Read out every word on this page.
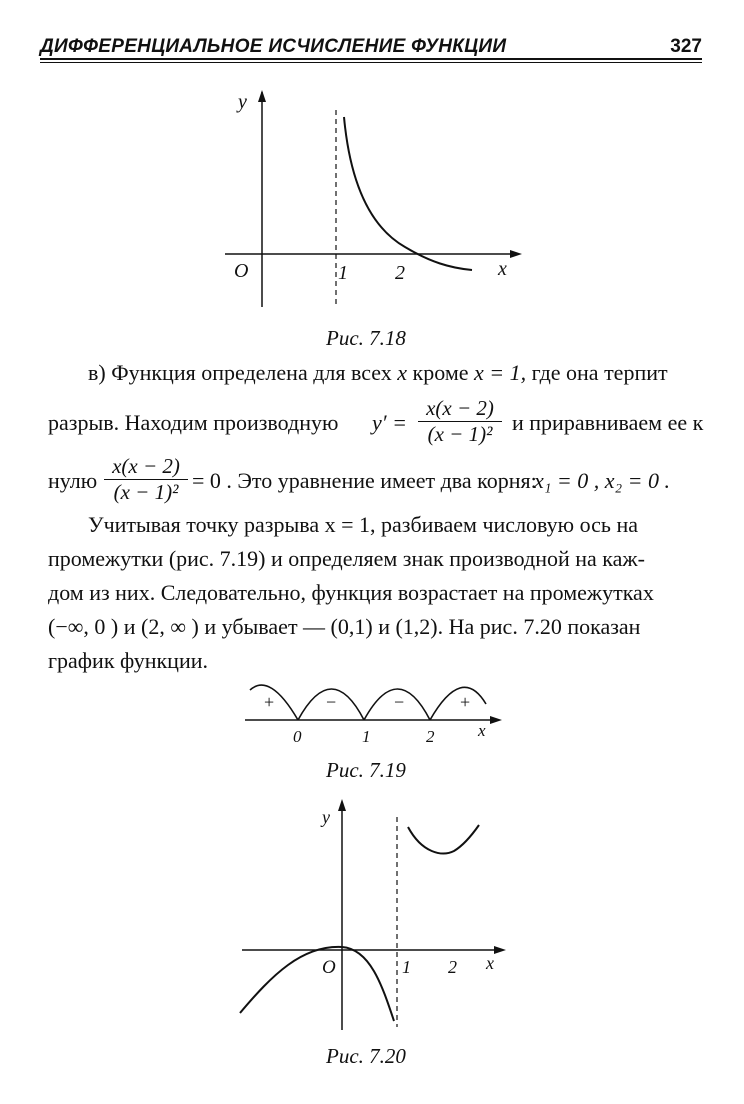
ДИФФЕРЕНЦИАЛЬНОЕ ИСЧИСЛЕНИЕ ФУНКЦИИ	327
y
x
O	1 2
Рис. 7.18
в) Функция определена для всех x кроме x = 1, где она терпит
разрыв. Находим производную y′ =
x(x − 2)
(x − 1)² и приравниваем ее к
нулю
x(x − 2)
(x − 1)² = 0 . Это уравнение имеет два корня:
x₁ = 0 , x₂ = 0 .
Учитывая точку разрыва x = 1, разбиваем числовую ось на
промежутки (рис. 7.19) и определяем знак производной на каж-
дом из них. Следовательно, функция возрастает на промежутках
(−∞, 0 ) и (2, ∞ ) и убывает — (0,1) и (1,2). На рис. 7.20 показан
график функции.
+	−	−	+
0	1	2	x
Рис. 7.19
y
O	1 2 x
Рис. 7.20
